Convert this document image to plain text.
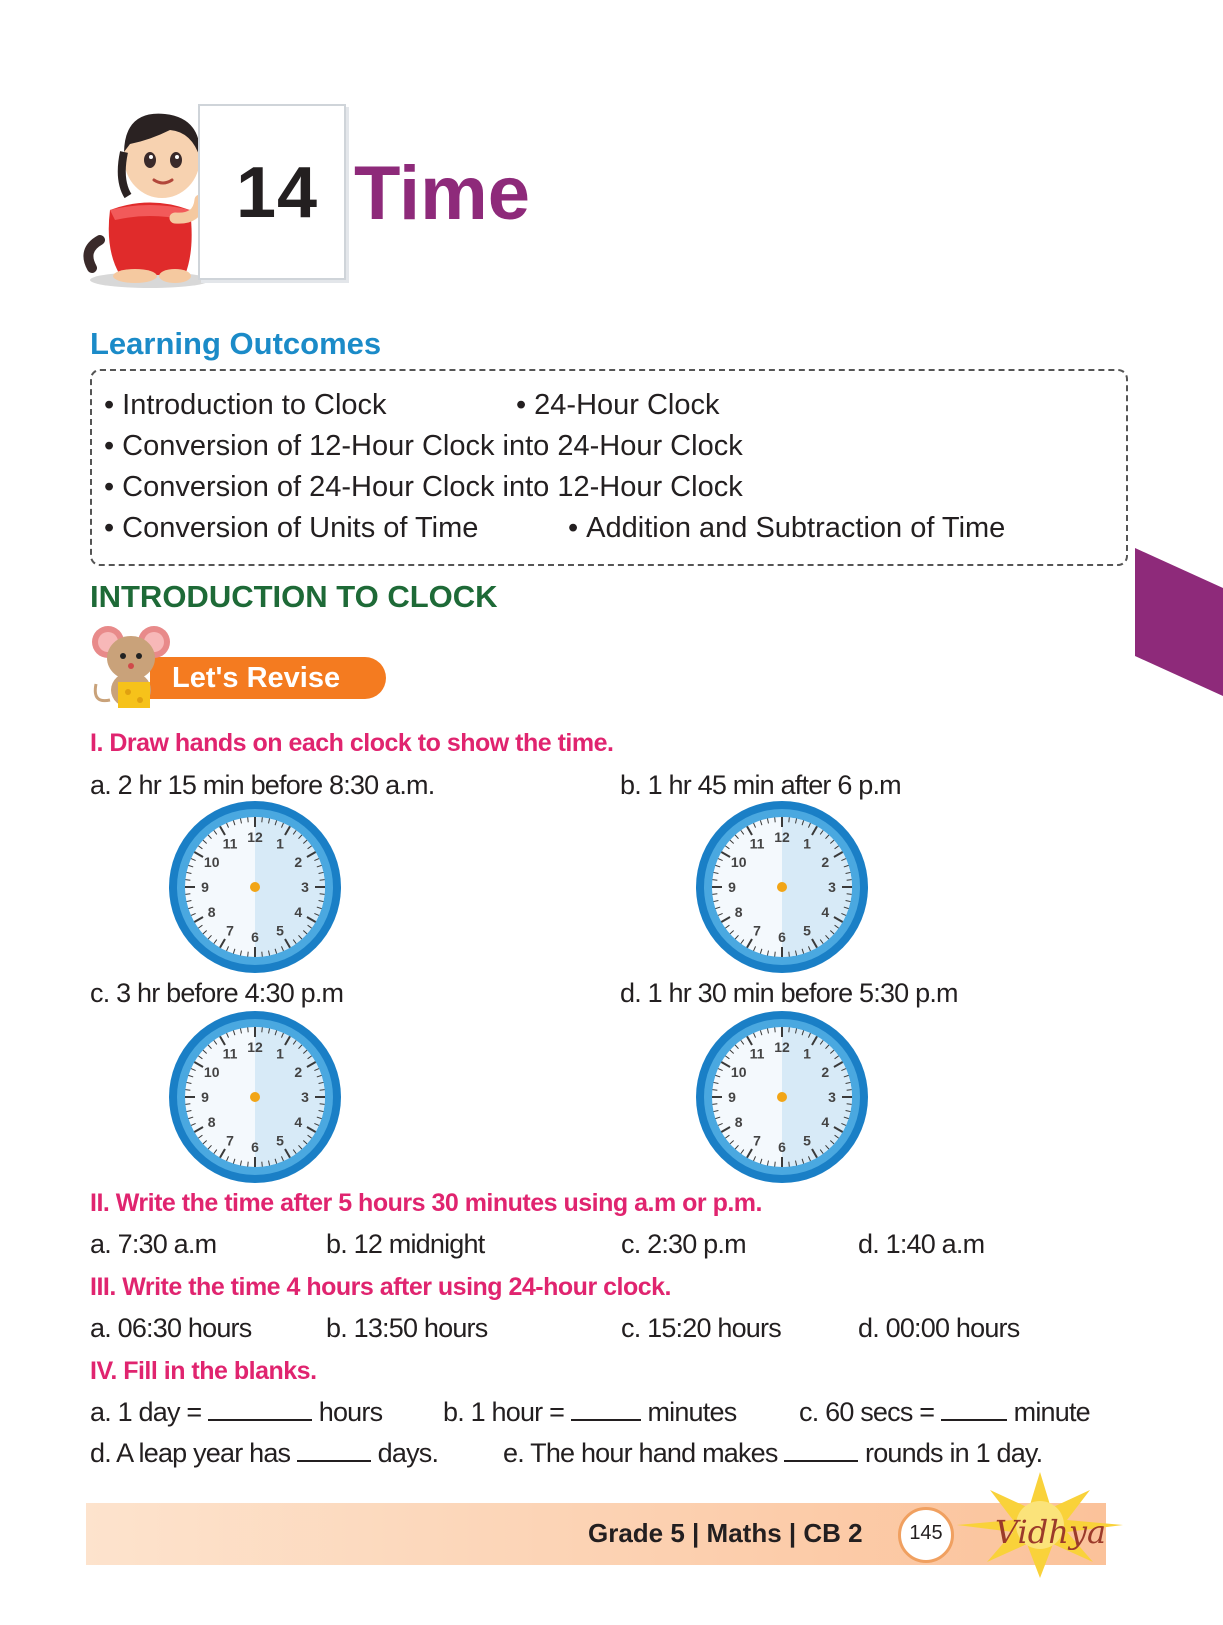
14 Time
Learning Outcomes
• Introduction to Clock	• 24-Hour Clock
• Conversion of 12-Hour Clock into 24-Hour Clock
• Conversion of 24-Hour Clock into 12-Hour Clock
• Conversion of Units of Time	• Addition and Subtraction of Time
INTRODUCTION TO CLOCK
Let's Revise
I. Draw hands on each clock to show the time.
a. 2 hr 15 min before 8:30 a.m.	b. 1 hr 45 min after 6 p.m
c. 3 hr before 4:30 p.m	d. 1 hr 30 min before 5:30 p.m
12 1
2
3
4
5
6
7
8
9
10
11	12 1
2
3
4
5
6
7
8
9
10
11
12 1
2
3
4
5
6
7
8
9
10
11	12 1
2
3
4
5
6
7
8
9
10
11
II. Write the time after 5 hours 30 minutes using a.m or p.m.
a. 7:30 a.m	b. 12 midnight	c. 2:30 p.m	d. 1:40 a.m
III. Write the time 4 hours after using 24-hour clock.
a. 06:30 hours	b. 13:50 hours	c. 15:20 hours	d. 00:00 hours
IV. Fill in the blanks.
a. 1 day =	hours b. 1 hour =	minutes c. 60 secs =	minute
d. A leap year has	days. e. The hour hand makes	rounds in 1 day.
Grade 5 | Maths | CB 2	145	Vidhya
